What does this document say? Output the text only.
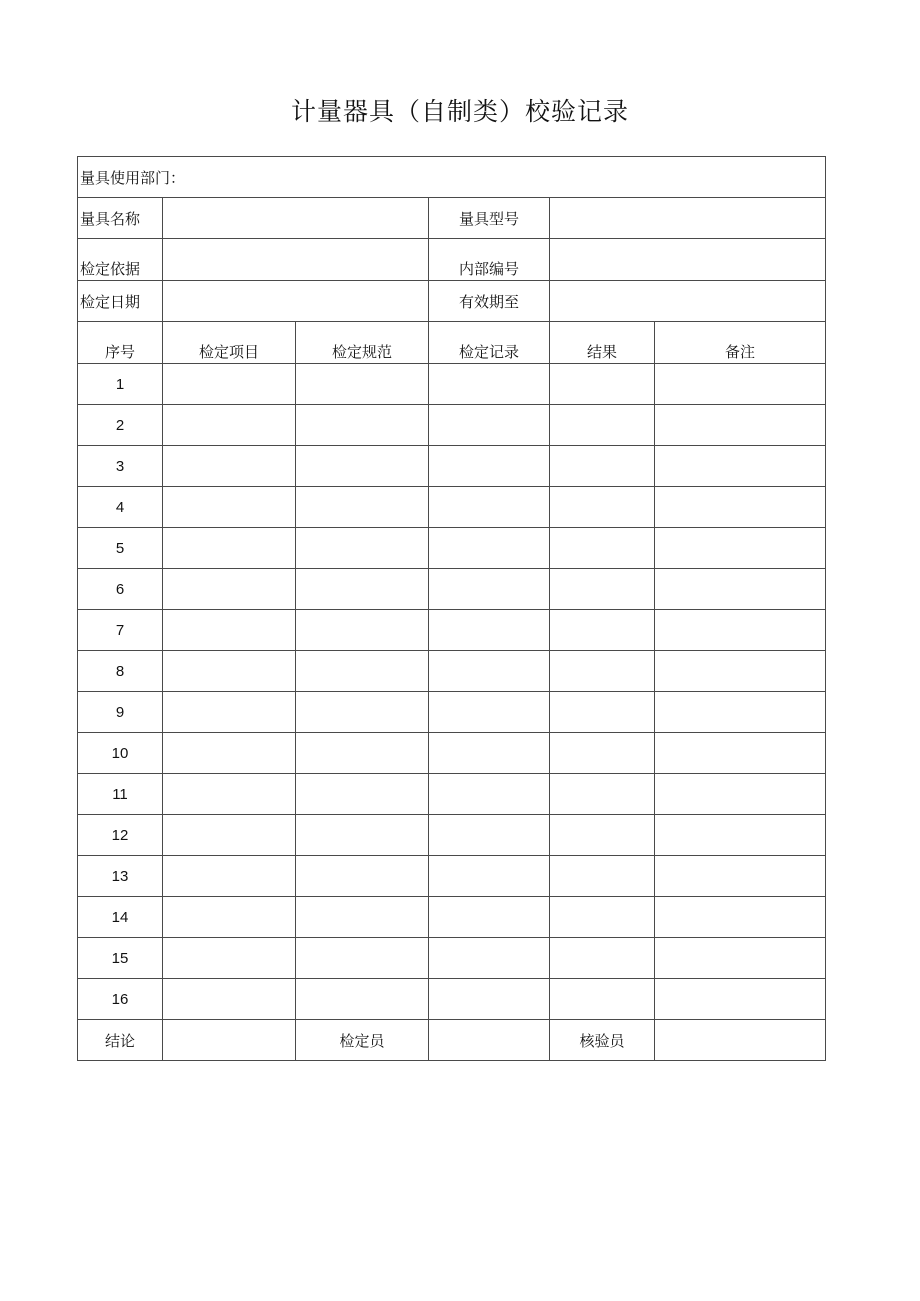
计量器具（自制类）校验记录
量具使用部门：					
量具名称			量具型号		
检定依据			内部编号		
检定日期			有效期至		
序号	检定项目	检定规范	检定记录	结果	备注
1					
2					
3					
4					
5					
6					
7					
8					
9					
10					
11					
12					
13					
14					
15					
16					
结论		检定员		核验员	
